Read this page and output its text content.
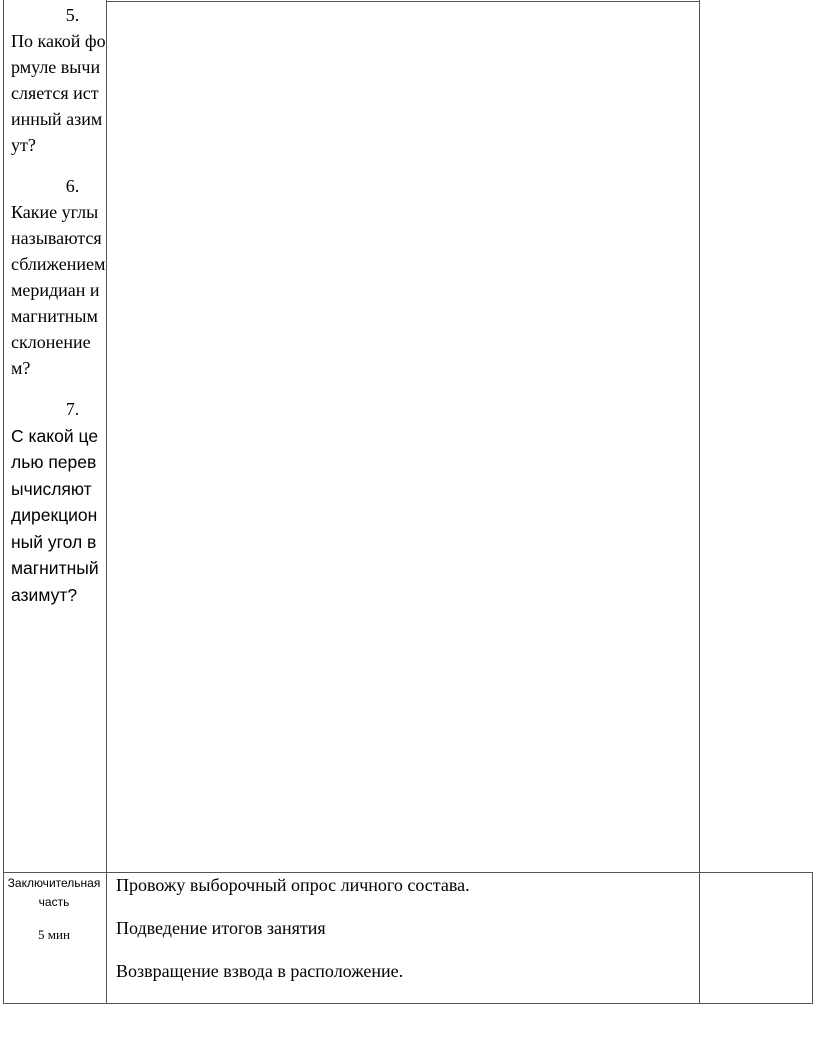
5.
По какой формуле вычисляется истинный азимут?
6.
Какие углы называются сближением меридиан и магнитным склонением?
7.
С какой целью перевычисляют дирекционный угол в магнитный азимут?
Заключительная часть
5 мин

Провожу выборочный опрос личного состава.

Подведение итогов занятия

Возвращение взвода в расположение.
